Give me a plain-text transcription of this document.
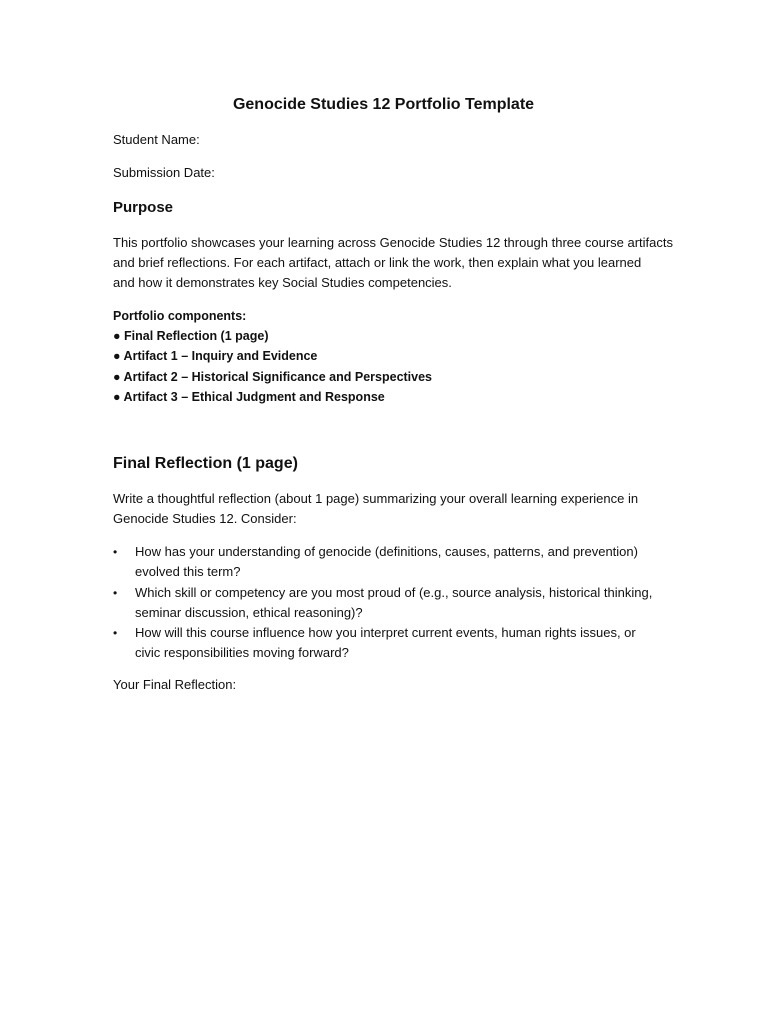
Genocide Studies 12 Portfolio Template
Student Name:
Submission Date:
Purpose
This portfolio showcases your learning across Genocide Studies 12 through three course artifacts
and brief reflections. For each artifact, attach or link the work, then explain what you learned
and how it demonstrates key Social Studies competencies.
Portfolio components:
● Final Reflection (1 page)
● Artifact 1 – Inquiry and Evidence
● Artifact 2 – Historical Significance and Perspectives
● Artifact 3 – Ethical Judgment and Response
Final Reflection (1 page)
Write a thoughtful reflection (about 1 page) summarizing your overall learning experience in
Genocide Studies 12. Consider:
• How has your understanding of genocide (definitions, causes, patterns, and prevention)
evolved this term?
• Which skill or competency are you most proud of (e.g., source analysis, historical thinking,
seminar discussion, ethical reasoning)?
• How will this course influence how you interpret current events, human rights issues, or
civic responsibilities moving forward?
Your Final Reflection:
